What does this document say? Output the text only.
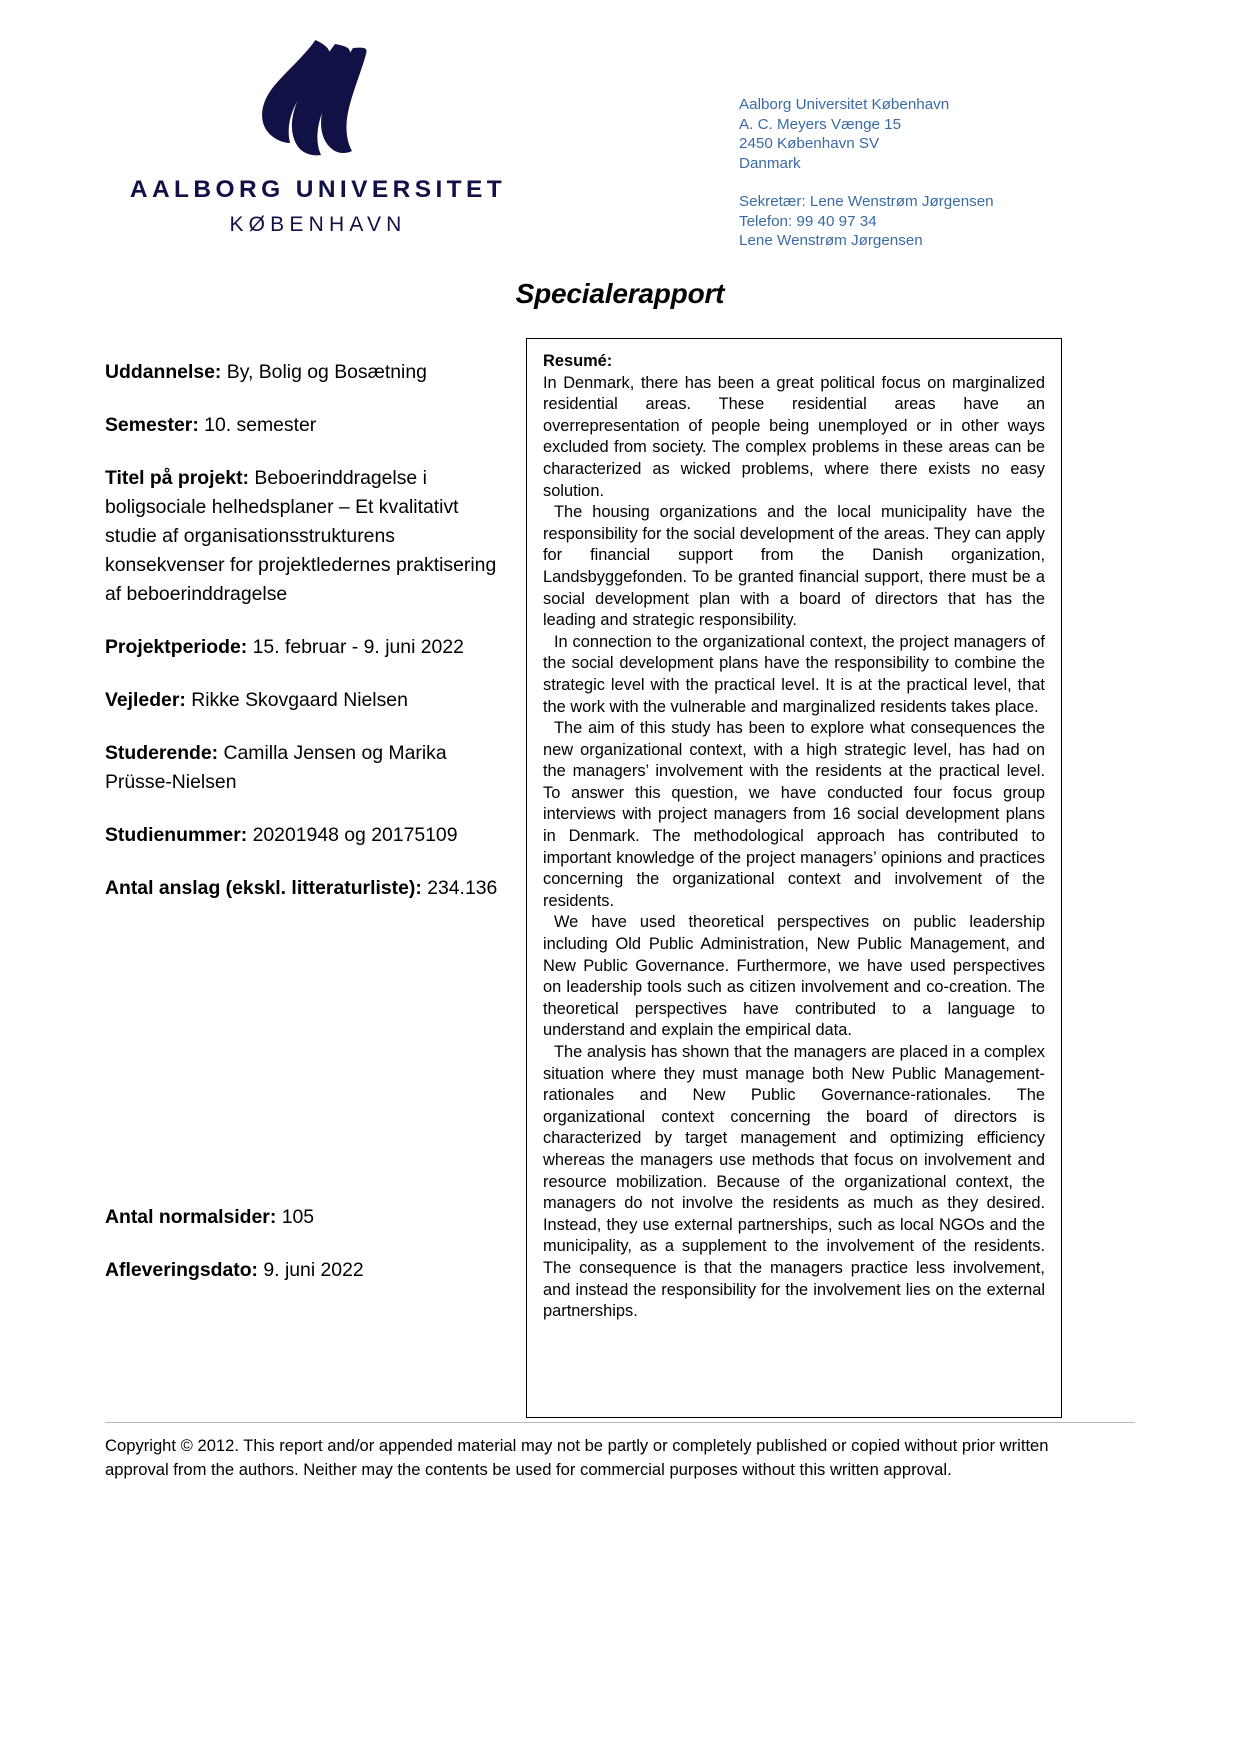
AALBORG UNIVERSITET
KØBENHAVN
Aalborg Universitet København
A. C. Meyers Vænge 15
2450 København SV
Danmark
Sekretær: Lene Wenstrøm Jørgensen
Telefon: 99 40 97 34
Lene Wenstrøm Jørgensen
Specialerapport
Uddannelse: By, Bolig og Bosætning
Semester: 10. semester
Titel på projekt: Beboerinddragelse i boligsociale helhedsplaner – Et kvalitativt studie af organisationsstrukturens konsekvenser for projektledernes praktisering af beboerinddragelse
Projektperiode: 15. februar - 9. juni 2022
Vejleder: Rikke Skovgaard Nielsen
Studerende: Camilla Jensen og Marika Prüsse-Nielsen
Studienummer: 20201948 og 20175109
Antal anslag (ekskl. litteraturliste): 234.136
Antal normalsider: 105
Afleveringsdato: 9. juni 2022
Resumé:

In Denmark, there has been a great political focus on marginalized residential areas. These residential areas have an overrepresentation of people being unemployed or in other ways excluded from society. The complex problems in these areas can be characterized as wicked problems, where there exists no easy solution.

The housing organizations and the local municipality have the responsibility for the social development of the areas. They can apply for financial support from the Danish organization, Landsbyggefonden. To be granted financial support, there must be a social development plan with a board of directors that has the leading and strategic responsibility.

In connection to the organizational context, the project managers of the social development plans have the responsibility to combine the strategic level with the practical level. It is at the practical level, that the work with the vulnerable and marginalized residents takes place.

The aim of this study has been to explore what consequences the new organizational context, with a high strategic level, has had on the managers’ involvement with the residents at the practical level. To answer this question, we have conducted four focus group interviews with project managers from 16 social development plans in Denmark. The methodological approach has contributed to important knowledge of the project managers’ opinions and practices concerning the organizational context and involvement of the residents.

We have used theoretical perspectives on public leadership including Old Public Administration, New Public Management, and New Public Governance. Furthermore, we have used perspectives on leadership tools such as citizen involvement and co-creation. The theoretical perspectives have contributed to a language to understand and explain the empirical data.

The analysis has shown that the managers are placed in a complex situation where they must manage both New Public Management-rationales and New Public Governance-rationales. The organizational context concerning the board of directors is characterized by target management and optimizing efficiency whereas the managers use methods that focus on involvement and resource mobilization. Because of the organizational context, the managers do not involve the residents as much as they desired. Instead, they use external partnerships, such as local NGOs and the municipality, as a supplement to the involvement of the residents. The consequence is that the managers practice less involvement, and instead the responsibility for the involvement lies on the external partnerships.

Copyright © 2012. This report and/or appended material may not be partly or completely published or copied without prior written approval from the authors. Neither may the contents be used for commercial purposes without this written approval.
